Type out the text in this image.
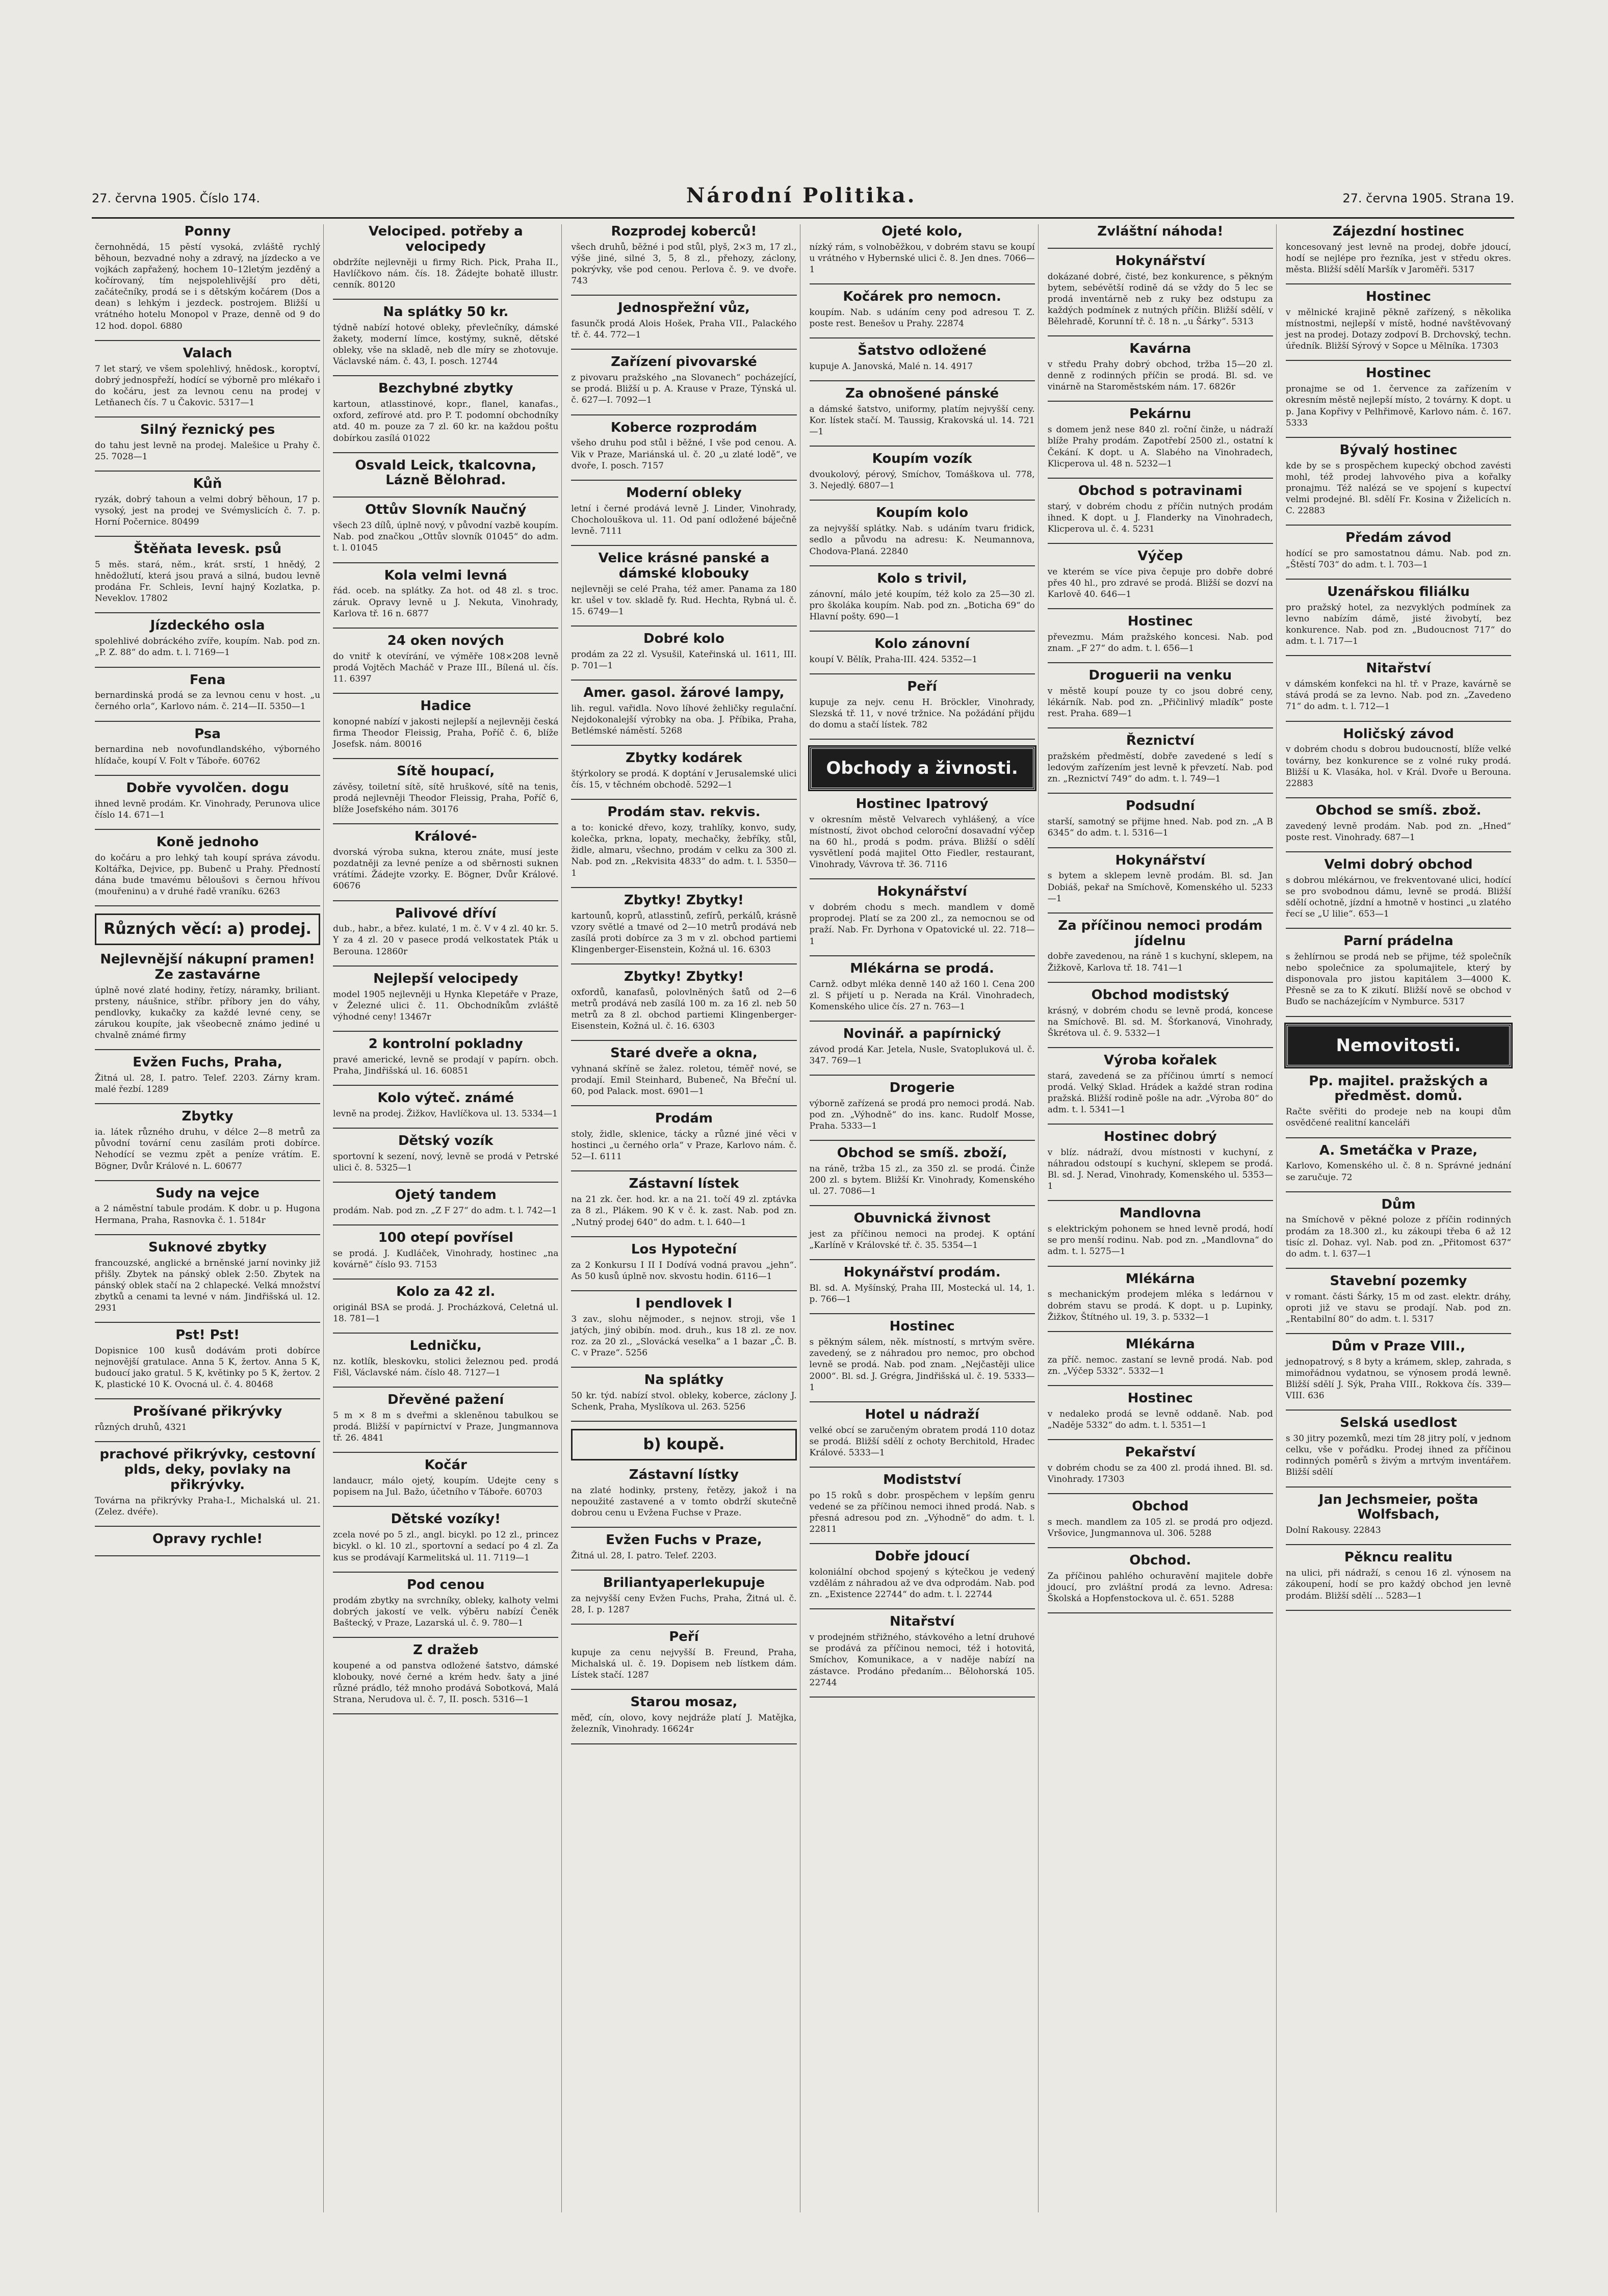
27. června 1905. Číslo 174.	Národní Politika.	27. června 1905. Strana 19.
Ponny

černohnědá, 15 pěstí vysoká, zvláště rychlý běhoun, bezvadné nohy a zdravý, na jízdecko a ve vojkách zapřažený, hochem 10–12letým jezděný a kočírovaný, tím nejspolehlivější pro děti, začátečníky, prodá se i s dětským kočárem (Dos a dean) s lehkým i jezdeck. postrojem. Bližší u vrátného hotelu Monopol v Praze, denně od 9 do 12 hod. dopol. 6880

Valach

7 let starý, ve všem spolehlivý, hnědosk., koroptví, dobrý jednospřeží, hodící se výborně pro mlékařo i do kočáru, jest za levnou cenu na prodej v Letňanech čís. 7 u Čakovic. 5317—1

Silný řeznický pes

do tahu jest levně na prodej. Malešice u Prahy č. 25. 7028—1

Kůň

ryzák, dobrý tahoun a velmi dobrý běhoun, 17 p. vysoký, jest na prodej ve Svémyslicích č. 7. p. Horní Počernice. 80499

Štěňata Ievesk. psů

5 měs. stará, něm., krát. srstí, 1 hnědý, 2 hnědožlutí, která jsou pravá a silná, budou levně prodána Fr. Schleis, Ievní hajný Kozlatka, p. Neveklov. 17802

Jízdeckého osla

spolehlivé dobráckého zvíře, koupím. Nab. pod zn. „P. Z. 88“ do adm. t. l. 7169—1

Fena

bernardinská prodá se za levnou cenu v host. „u černého orla“, Karlovo nám. č. 214—II. 5350—1

Psa

bernardina neb novofundlandského, výborného hlídače, koupí V. Folt v Táboře. 60762

Dobře vyvolčen. dogu

ihned levně prodám. Kr. Vinohrady, Perunova ulice číslo 14. 671—1

Koně jednoho

do kočáru a pro lehký tah koupí správa závodu. Koltářka, Dejvice, pp. Bubenč u Prahy. Předností dána bude tmavému běloušovi s černou hřívou (mouřeninu) a v druhé řadě vraníku. 6263

Různých věcí: a) prodej.
Nejlevnější nákupní pramen! Ze zastavárne

úplně nové zlaté hodiny, řetízy, náramky, briliant. prsteny, náušnice, stříbr. příbory jen do váhy, pendlovky, kukačky za každé levné ceny, se zárukou koupíte, jak všeobecně známo jediné u chvalně známé firmy

Evžen Fuchs, Praha,

Žitná ul. 28, I. patro. Telef. 2203. Zárny kram. malé řezbí. 1289

Zbytky

ia. látek různého druhu, v délce 2—8 metrů za původní tovární cenu zasílám proti dobírce. Nehodící se vezmu zpět a peníze vrátím. E. Bögner, Dvůr Králové n. L. 60677

Sudy na vejce

a 2 náměstní tabule prodám. K dobr. u p. Hugona Hermana, Praha, Rasnovka č. 1. 5184r

Suknové zbytky

francouzské, anglické a brněnské jarní novinky již přišly. Zbytek na pánský oblek 2:50. Zbytek na pánský oblek stačí na 2 chlapecké. Velká množství zbytků a cenami ta levné v nám. Jindřišská ul. 12. 2931

Pst! Pst!

Dopisnice 100 kusů dodávám proti dobírce nejnovější gratulace. Anna 5 K, žertov. Anna 5 K, budoucí jako gratul. 5 K, květinky po 5 K, žertov. 2 K, plastické 10 K. Ovocná ul. č. 4. 80468

Prošívané přikrývky

různých druhů, 4321

prachové přikrývky, cestovní plds, deky, povlaky na přikrývky.

Továrna na přikrývky Praha-I., Michalská ul. 21. (Zelez. dvéře).

Opravy rychle!
Velociped. potřeby a velocipedy

obdržíte nejlevněji u firmy Rich. Pick, Praha II., Havlíčkovo nám. čís. 18. Žádejte bohatě illustr. cenník. 80120

Na splátky 50 kr.

týdně nabízí hotové obleky, převlečníky, dámské žakety, moderní límce, kostýmy, sukně, dětské obleky, vše na skladě, neb dle míry se zhotovuje. Václavské nám. č. 43, I. posch. 12744

Bezchybné zbytky

kartoun, atlasstinové, kopr., flanel, kanafas., oxford, zefírové atd. pro P. T. podomní obchodníky atd. 40 m. pouze za 7 zl. 60 kr. na každou poštu dobírkou zasílá 01022

Osvald Leick, tkalcovna, Lázně Bělohrad.
Ottův Slovník Naučný

všech 23 dílů, úplně nový, v původní vazbě koupím. Nab. pod značkou „Ottův slovník 01045“ do adm. t. l. 01045

Kola velmi levná

řád. oceb. na splátky. Za hot. od 48 zl. s troc. záruk. Opravy levně u J. Nekuta, Vinohrady, Karlova tř. 16 n. 6877

24 oken nových

do vnitř k otevírání, ve výměře 108×208 levně prodá Vojtěch Macháč v Praze III., Bílená ul. čís. 11. 6397

Hadice

konopné nabízí v jakosti nejlepší a nejlevněji česká firma Theodor Fleissig, Praha, Poříč č. 6, blíže Josefsk. nám. 80016

Sítě houpací,

závěsy, toiletní sítě, sítě hruškové, sítě na tenis, prodá nejlevněji Theodor Fleissig, Praha, Poříč 6, blíže Josefského nám. 30176

Králové-

dvorská výroba sukna, kterou znáte, musí jeste pozdatněji za levné peníze a od sběrnosti suknen vrátími. Žádejte vzorky. E. Bögner, Dvůr Králové. 60676

Palivové dříví

dub., habr., a břez. kulaté, 1 m. č. V v 4 zl. 40 kr. 5. Y za 4 zl. 20 v pasece prodá velkostatek Pták u Berouna. 12860r

Nejlepší velocipedy

model 1905 nejlevněji u Hynka Klepetáře v Praze, v Železné ulici č. 11. Obchodníkům zvláště výhodné ceny! 13467r

2 kontrolní pokladny

pravé americké, levně se prodají v papírn. obch. Praha, Jindřišská ul. 16. 60851

Kolo výteč. známé

levně na prodej. Žižkov, Havlíčkova ul. 13. 5334—1

Dětský vozík

sportovní k sezení, nový, levně se prodá v Petrské ulici č. 8. 5325—1

Ojetý tandem

prodám. Nab. pod zn. „Z F 27“ do adm. t. l. 742—1

100 otepí povřísel

se prodá. J. Kudláček, Vinohrady, hostinec „na kovárně“ číslo 93. 7153

Kolo za 42 zl.

originál BSA se prodá. J. Procházková, Celetná ul. 18. 781—1

Ledničku,

nz. kotlík, bleskovku, stolici železnou ped. prodá Fišl, Václavské nám. číslo 48. 7127—1

Dřevěné pažení

5 m × 8 m s dveřmi a skleněnou tabulkou se prodá. Bližší v papírnictví v Praze, Jungmannova tř. 26. 4841

Kočár

landaucr, málo ojetý, koupím. Udejte ceny s popisem na Jul. Bažo, účetního v Táboře. 60703

Dětské vozíky!

zcela nové po 5 zl., angl. bicykl. po 12 zl., princez bicykl. o kl. 10 zl., sportovní a sedací po 4 zl. Za kus se prodávají Karmelitská ul. 11. 7119—1

Pod cenou

prodám zbytky na svrchníky, obleky, kalhoty velmi dobrých jakostí ve velk. výběru nabízí Čeněk Baštecký, v Praze, Lazarská ul. č. 9. 780—1

Z dražeb

koupené a od panstva odložené šatstvo, dámské klobouky, nové černé a krém hedv. šaty a jiné různé prádlo, též mnoho prodává Sobotková, Malá Strana, Nerudova ul. č. 7, II. posch. 5316—1

Rozprodej koberců!

všech druhů, běžné i pod stůl, plyš, 2×3 m, 17 zl., výše jiné, silné 3, 5, 8 zl., přehozy, záclony, pokrývky, vše pod cenou. Perlova č. 9. ve dvoře. 743

Jednospřežní vůz,

fasunčk prodá Alois Hošek, Praha VII., Palackého tř. č. 44. 772—1

Zařízení pivovarské

z pivovaru pražského „na Slovanech“ pocházející, se prodá. Bližší u p. A. Krause v Praze, Týnská ul. č. 627—I. 7092—1

Koberce rozprodám

všeho druhu pod stůl i běžné, I vše pod cenou. A. Vik v Praze, Mariánská ul. č. 20 „u zlaté lodě“, ve dvoře, I. posch. 7157

Moderní obleky

letní i černé prodává levně J. Linder, Vinohrady, Chocholouškova ul. 11. Od paní odložené báječně levně. 7111

Velice krásné panské a dámské klobouky

nejlevněji se celé Praha, též amer. Panama za 180 kr. ušel v tov. skladě fy. Rud. Hechta, Rybná ul. č. 15. 6749—1

Dobré kolo

prodám za 22 zl. Vysušil, Kateřinská ul. 1611, III. p. 701—1

Amer. gasol. žárové lampy,

lih. regul. vařidla. Novo líhové žehličky regulační. Nejdokonalejší výrobky na oba. J. Příbika, Praha, Betlémské náměstí. 5268

Zbytky kodárek

štýrkolory se prodá. K doptání v Jerusalemské ulici čís. 15, v těchném obchodě. 5292—1

Prodám stav. rekvis.

a to: konické dřevo, kozy, trahlíky, konvo, sudy, kolečka, prkna, lopaty, mechačky, žebříky, stůl, židle, almaru, všechno, prodám v celku za 300 zl. Nab. pod zn. „Rekvisita 4833“ do adm. t. l. 5350—1

Zbytky! Zbytky!

kartounů, koprů, atlasstinů, zefírů, perkálů, krásně vzory světlé a tmavé od 2—10 metrů prodává neb zasílá proti dobírce za 3 m v zl. obchod partiemi Klingenberger-Eisenstein, Kožná ul. 16. 6303

Zbytky! Zbytky!

oxfordů, kanafasů, polovlněných šatů od 2—6 metrů prodává neb zasílá 100 m. za 16 zl. neb 50 metrů za 8 zl. obchod partiemi Klingenberger-Eisenstein, Kožná ul. č. 16. 6303

Staré dveře a okna,

vyhnaná skříně se žalez. roletou, téměř nové, se prodají. Emil Steinhard, Bubeneč, Na Břeční ul. 60, pod Palack. most. 6901—1

Prodám

stoly, židle, sklenice, tácky a různé jiné věci v hostinci „u černého orla“ v Praze, Karlovo nám. č. 52—I. 6111

Zástavní lístek

na 21 zk. čer. hod. kr. a na 21. točí 49 zl. zptávka za 8 zl., Plákem. 90 K v č. k. zast. Nab. pod zn. „Nutný prodej 640“ do adm. t. l. 640—1

Los Hypoteční

za 2 Konkursu I II I Dodívá vodná pravou „jehn“. As 50 kusů úplně nov. skvostu hodin. 6116—1

I pendlovek I

3 zav., slohu nějmoder., s nejnov. stroji, vše 1 jatých, jiný obibín. mod. druh., kus 18 zl. ze nov. roz. za 20 zl., „Slovácká veselka“ a 1 bazar „Č. B. C. v Praze“. 5256

Na splátky

50 kr. týd. nabízí stvol. obleky, koberce, záclony J. Schenk, Praha, Myslíkova ul. 263. 5256

b) koupě.
Zástavní lístky

na zlaté hodinky, prsteny, řetězy, jakož i na nepoužité zastavené a v tomto obdrží skutečně dobrou cenu u Evžena Fuchse v Praze.

Evžen Fuchs v Praze,

Žitná ul. 28, I. patro. Telef. 2203.

Briliantyaperlekupuje

za nejvyšší ceny Evžen Fuchs, Praha, Žitná ul. č. 28, I. p. 1287

Peří

kupuje za cenu nejvyšší B. Freund, Praha, Michalská ul. č. 19. Dopisem neb lístkem dám. Lístek stačí. 1287

Starou mosaz,

měď, cín, olovo, kovy nejdráže platí J. Matějka, železník, Vinohrady. 16624r

Ojeté kolo,

nízký rám, s volnoběžkou, v dobrém stavu se koupí u vrátného v Hybernské ulici č. 8. Jen dnes. 7066—1

Kočárek pro nemocn.

koupím. Nab. s udáním ceny pod adresou T. Z. poste rest. Benešov u Prahy. 22874

Šatstvo odložené

kupuje A. Janovská, Malé n. 14. 4917

Za obnošené pánské

a dámské šatstvo, uniformy, platím nejvyšší ceny. Kor. lístek stačí. M. Taussig, Krakovská ul. 14. 721—1

Koupím vozík

dvoukolový, pérový, Smíchov, Tomáškova ul. 778, 3. Nejedlý. 6807—1

Koupím kolo

za nejvyšší splátky. Nab. s udáním tvaru fridick, sedlo a původu na adresu: K. Neumannova, Chodova-Planá. 22840

Kolo s trivil,

zánovní, málo jeté koupím, též kolo za 25—30 zl. pro školáka koupím. Nab. pod zn. „Boticha 69“ do Hlavní pošty. 690—1

Kolo zánovní

koupí V. Bělík, Praha-III. 424. 5352—1

Peří

kupuje za nejv. cenu H. Bröckler, Vinohrady, Slezská tř. 11, v nové tržnice. Na požádání přijdu do domu a stačí lístek. 782

Obchody a živnosti.
Hostinec Ipatrový

v okresním městě Velvarech vyhlášený, a více místností, život obchod celoroční dosavadní výčep na 60 hl., prodá s podm. práva. Bližší o sdělí vysvětlení podá majitel Otto Fiedler, restaurant, Vinohrady, Vávrova tř. 36. 7116

Hokynářství

v dobrém chodu s mech. mandlem v domě proprodej. Platí se za 200 zl., za nemocnou se od praží. Nab. Fr. Dyrhona v Opatovické ul. 22. 718—1

Mlékárna se prodá.

Carnž. odbyt mléka denně 140 až 160 l. Cena 200 zl. S přijetí u p. Nerada na Král. Vinohradech, Komenského ulice čís. 27 n. 763—1

Novinář. a papírnický

závod prodá Kar. Jetela, Nusle, Svatopluková ul. č. 347. 769—1

Drogerie

výborně zařízená se prodá pro nemoci prodá. Nab. pod zn. „Výhodně“ do ins. kanc. Rudolf Mosse, Praha. 5333—1

Obchod se smíš. zboží,

na ráně, tržba 15 zl., za 350 zl. se prodá. Činže 200 zl. s bytem. Bližší Kr. Vinohrady, Komenského ul. 27. 7086—1

Obuvnická živnost

jest za příčinou nemoci na prodej. K optání „Karlíně v Královské tř. č. 35. 5354—1

Hokynářství prodám.

Bl. sd. A. Myšínský, Praha III, Mostecká ul. 14, 1. p. 766—1

Hostinec

s pěkným sálem, něk. místností, s mrtvým svěre. zavedený, se z náhradou pro nemoc, pro obchod levně se prodá. Nab. pod znam. „Nejčastěji ulice 2000“. Bl. sd. J. Grégra, Jindřišská ul. č. 19. 5333—1

Hotel u nádraží

velké obcí se zaručeným obratem prodá 110 dotaz se prodá. Bližší sdělí z ochoty Berchitold, Hradec Králové. 5333—1

Modistství

po 15 roků s dobr. prospěchem v lepším genru vedené se za příčinou nemoci ihned prodá. Nab. s přesná adresou pod zn. „Výhodně“ do adm. t. l. 22811

Dobře jdoucí

koloniální obchod spojený s kýtečkou je vedený vzdělám z náhradou až ve dva odprodám. Nab. pod zn. „Existence 22744“ do adm. t. l. 22744

Nitařství

v prodejném střižného, stávkového a letní druhové se prodává za příčinou nemoci, též i hotovitá, Smíchov, Komunikace, a v naděje nabízí na zástavce. Prodáno předaním... Bělohorská 105. 22744

Zvláštní náhoda!
Hokynářství

dokázané dobré, čisté, bez konkurence, s pěkným bytem, sebévětší rodině dá se vždy do 5 lec se prodá inventárně neb z ruky bez odstupu za každých podmínek z nutných příčin. Bližší sdělí, v Bělehradě, Korunní tř. č. 18 n. „u Šárky“. 5313

Kavárna

v středu Prahy dobrý obchod, tržba 15—20 zl. denně z rodinných příčin se prodá. Bl. sd. ve vinárně na Staroměstském nám. 17. 6826r

Pekárnu

s domem jenž nese 840 zl. roční činže, u nádraží blíže Prahy prodám. Zapotřebí 2500 zl., ostatní k Čekání. K dopt. u A. Slabého na Vinohradech, Klicperova ul. 48 n. 5232—1

Obchod s potravinami

starý, v dobrém chodu z příčin nutných prodám ihned. K dopt. u J. Flanderky na Vinohradech, Klicperova ul. č. 4. 5231

Výčep

ve kterém se více piva čepuje pro dobře dobré přes 40 hl., pro zdravé se prodá. Bližší se dozví na Karlově 40. 646—1

Hostinec

převezmu. Mám pražského koncesi. Nab. pod znam. „F 27“ do adm. t. l. 656—1

Droguerii na venku

v městě koupí pouze ty co jsou dobré ceny, lékárník. Nab. pod zn. „Přičinlivý mladík“ poste rest. Praha. 689—1

Řeznictví

pražském předměstí, dobře zavedené s ledí s ledovým zařízením jest levně k převzetí. Nab. pod zn. „Reznictví 749“ do adm. t. l. 749—1

Podsudní

starší, samotný se přijme hned. Nab. pod zn. „A B 6345“ do adm. t. l. 5316—1

Hokynářství

s bytem a sklepem levně prodám. Bl. sd. Jan Dobiáš, pekař na Smíchově, Komenského ul. 5233—1

Za příčinou nemoci prodám jídelnu

dobře zavedenou, na ráně 1 s kuchyní, sklepem, na Žižkově, Karlova tř. 18. 741—1

Obchod modistský

krásný, v dobrém chodu se levně prodá, koncese na Smíchově. Bl. sd. M. Šťorkanová, Vinohrady, Škrétova ul. č. 9. 5332—1

Výroba kořalek

stará, zavedená se za příčinou úmrtí s nemocí prodá. Velký Sklad. Hrádek a každé stran rodina pražská. Bližší rodině pošle na adr. „Výroba 80“ do adm. t. l. 5341—1

Hostinec dobrý

v blíz. nádraží, dvou místnosti v kuchyní, z náhradou odstoupí s kuchyní, sklepem se prodá. Bl. sd. J. Nerad, Vinohrady, Komenského ul. 5353—1

Mandlovna

s elektrickým pohonem se hned levně prodá, hodí se pro menší rodinu. Nab. pod zn. „Mandlovna“ do adm. t. l. 5275—1

Mlékárna

s mechanickým prodejem mléka s ledárnou v dobrém stavu se prodá. K dopt. u p. Lupinky, Žižkov, Štítného ul. 19, 3. p. 5332—1

Mlékárna

za příč. nemoc. zastaní se levně prodá. Nab. pod zn. „Výčep 5332“. 5332—1

Hostinec

v nedaleko prodá se levně oddaně. Nab. pod „Naděje 5332“ do adm. t. l. 5351—1

Pekařství

v dobrém chodu se za 400 zl. prodá ihned. Bl. sd. Vinohrady. 17303

Obchod

s mech. mandlem za 105 zl. se prodá pro odjezd. Vršovice, Jungmannova ul. 306. 5288

Obchod.

Za příčinou pahlého ochuravění majitele dobře jdoucí, pro zvláštní prodá za levno. Adresa: Školská a Hopfenstockova ul. č. 651. 5288

Zájezdní hostinec

koncesovaný jest levně na prodej, dobře jdoucí, hodí se nejlépe pro řezníka, jest v středu okres. města. Bližší sdělí Maršík v Jaroměři. 5317

Hostinec

v mělnické krajině pěkně zařízený, s několika místnostmi, nejlepší v místě, hodné navštěvovaný jest na prodej. Dotazy zodpoví B. Drchovský, techn. úředník. Bližší Sýrový v Sopce u Mělníka. 17303

Hostinec

pronajme se od 1. července za zařízením v okresním městě nejlepší místo, 2 továrny. K dopt. u p. Jana Kopřivy v Pelhřimově, Karlovo nám. č. 167. 5333

Bývalý hostinec

kde by se s prospěchem kupecký obchod zavésti mohl, též prodej lahvového piva a kořalky pronajmu. Též nalézá se ve spojení s kupectví velmi prodejné. Bl. sdělí Fr. Kosina v Žiželicích n. C. 22883

Předám závod

hodící se pro samostatnou dámu. Nab. pod zn. „Štěstí 703“ do adm. t. l. 703—1

Uzenářskou filiálku

pro pražský hotel, za nezvyklých podmínek za levno nabízím dámě, jisté živobytí, bez konkurence. Nab. pod zn. „Budoucnost 717“ do adm. t. l. 717—1

Nitařství

v dámském konfekci na hl. tř. v Praze, kavárně se stává prodá se za levno. Nab. pod zn. „Zavedeno 71“ do adm. t. l. 712—1

Holičský závod

v dobrém chodu s dobrou budoucností, blíže velké továrny, bez konkurence se z volné ruky prodá. Bližší u K. Vlasáka, hol. v Král. Dvoře u Berouna. 22883

Obchod se smíš. zbož.

zavedený levně prodám. Nab. pod zn. „Hned“ poste rest. Vinohrady. 687—1

Velmi dobrý obchod

s dobrou mlékárnou, ve frekventované ulici, hodící se pro svobodnou dámu, levně se prodá. Bližší sdělí ochotně, jízdní a hmotně v hostinci „u zlatého řecí se „U lilie“. 653—1

Parní prádelna

s žehlírnou se prodá neb se přijme, též společník nebo společnice za spolumajitele, který by disponovala pro jistou kapitálem 3—4000 K. Přesně se za to K zikutí. Bližší nově se obchod v Buďo se nacházejícím v Nymburce. 5317

Nemovitosti.
Pp. majitel. pražských a předměst. domů.

Račte svěřiti do prodeje neb na koupi dům osvědčené realitní kanceláři

A. Smetáčka v Praze,

Karlovo, Komenského ul. č. 8 n. Správné jednání se zaručuje. 72

Dům

na Smíchově v pěkné poloze z příčin rodinných prodám za 18.300 zl., ku zákoupi třeba 6 až 12 tisíc zl. Dohaz. vyl. Nab. pod zn. „Přitomost 637“ do adm. t. l. 637—1

Stavební pozemky

v romant. části Šárky, 15 m od zast. elektr. dráhy, oproti již ve stavu se prodají. Nab. pod zn. „Rentabilní 80“ do adm. t. l. 5317

Dům v Praze VIII.,

jednopatrový, s 8 byty a krámem, sklep, zahrada, s mimořádnou vydatnou, se výnosem prodá lewně. Bližší sdělí J. Sýk, Praha VIII., Rokkova čís. 339—VIII. 636

Selská usedlost

s 30 jitry pozemků, mezi tím 28 jitry polí, v jednom celku, vše v pořádku. Prodej ihned za příčinou rodinných poměrů s živým a mrtvým inventářem. Bližší sdělí

Jan Jechsmeier, pošta Wolfsbach,

Dolní Rakousy. 22843

Pěkncu realitu

na ulici, při nádraží, s cenou 16 zl. výnosem na zákoupení, hodí se pro každý obchod jen levně prodám. Bližší sdělí ... 5283—1
